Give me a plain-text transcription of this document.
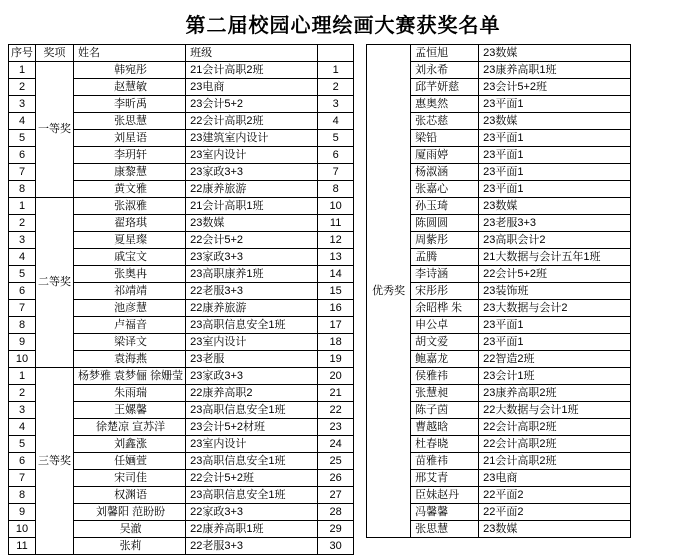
第二届校园心理绘画大赛获奖名单
序号	奖项	姓名	班级	
1	一等奖	韩宛彤	21会计高职2班	1
2		赵慧敏	23电商	2
3		李昕禹	23会计5+2	3
4		张思慧	22会计高职2班	4
5		刘星语	23建筑室内设计	5
6		李玥轩	23室内设计	6
7		康黎慧	23家政3+3	7
8		黄文雅	22康养旅游	8
1	二等奖	张淑雅	21会计高职1班	10
2		翟珞琪	23数媒	11
3		夏星璨	22会计5+2	12
4		戚宝文	23家政3+3	13
5		张奥冉	23高职康养1班	14
6		祁靖靖	22老服3+3	15
7		池彦慧	22康养旅游	16
8		卢福音	23高职信息安全1班	17
9		梁译文	23室内设计	18
10		袁海燕	23老服	19
1	三等奖	杨梦雅 袁梦俪 徐姗莹	23家政3+3	20
2		朱雨瑞	22康养高职2	21
3		王嫘馨	23高职信息安全1班	22
4		徐楚凉 宣苏洋	23会计5+2材班	23
5		刘鑫涨	23室内设计	24
6		任婳萱	23高职信息安全1班	25
7		宋司佳	22会计5+2班	26
8		权渊语	23高职信息安全1班	27
9		刘馨阳 范盼盼	22家政3+3	28
10		吴澈	22康养高职1班	29
11		张莉	22老服3+3	30
优秀奖	孟恒旭	23数媒
	刘永希	23康养高职1班
	邱芊妍慈	23会计5+2班
	惠奥然	23平面1
	张芯慈	23数媒
	梁铅	23平面1
	厦雨婷	23平面1
	杨淑涵	23平面1
	张嘉心	23平面1
	孙玉琦	23数媒
	陈圆圆	23老服3+3
	周紫彤	23高职会计2
	孟腾	21大数据与会计五年1班
	李诗涵	22会计5+2班
	宋彤彤	23装饰班
	余昭桦 朱	23大数据与会计2
	申公卓	23平面1
	胡文爱	23平面1
	鲍嘉龙	22智造2班
	侯雅祎	23会计1班
	张慧昶	23康养高职2班
	陈子茵	22大数据与会计1班
	曹越晗	22会计高职2班
	杜春晓	22会计高职2班
	苗雅祎	21会计高职2班
	邢艾青	23电商
	臣妹赵丹	22平面2
	冯馨馨	22平面2
	张思慧	23数媒
